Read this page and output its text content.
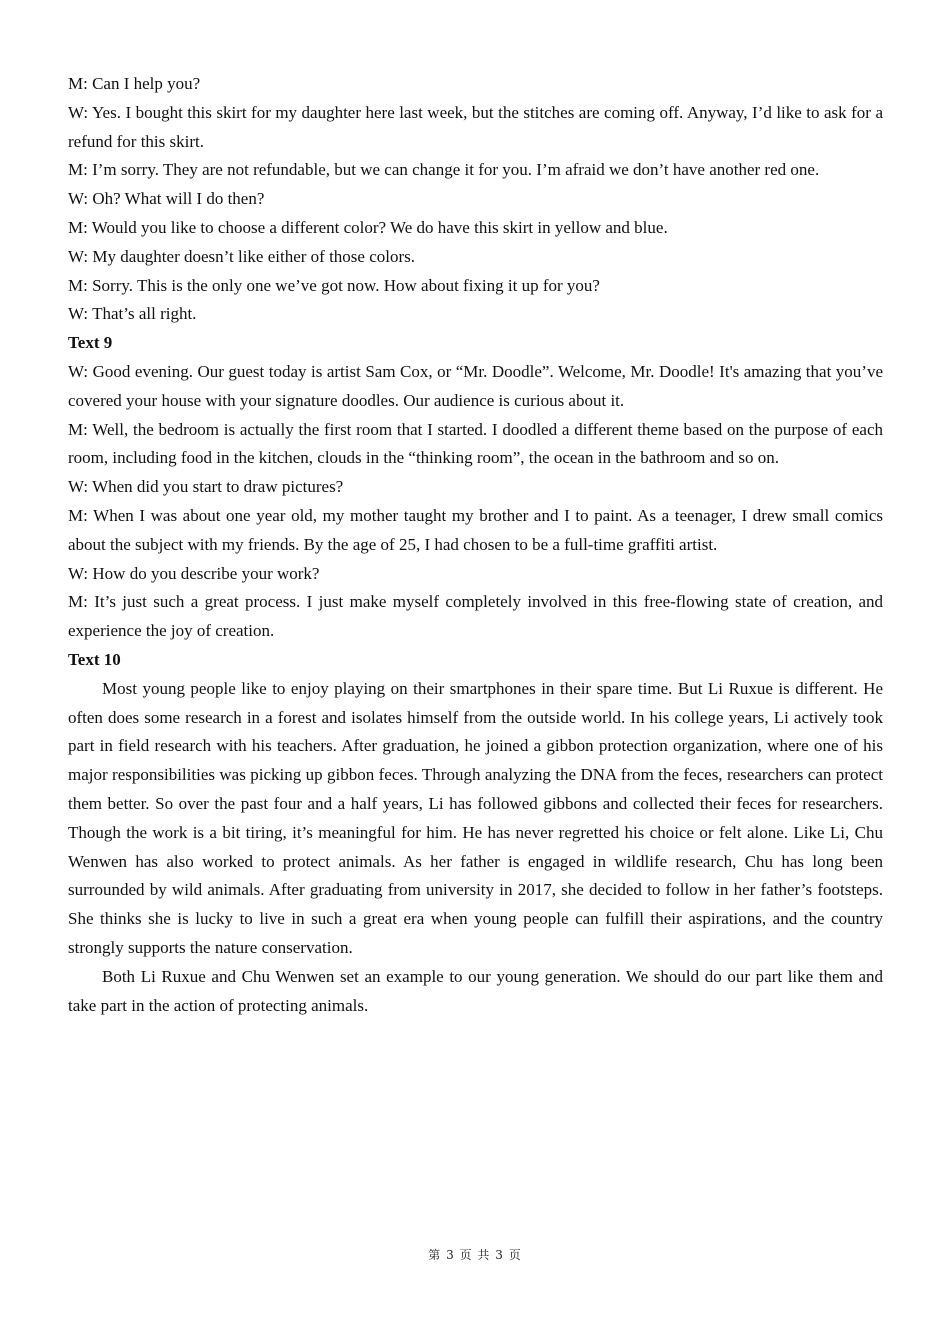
M: Can I help you?

W: Yes. I bought this skirt for my daughter here last week, but the stitches are coming off. Anyway, I’d like to ask for a refund for this skirt.

M: I’m sorry. They are not refundable, but we can change it for you. I’m afraid we don’t have another red one.

W: Oh? What will I do then?

M: Would you like to choose a different color? We do have this skirt in yellow and blue.

W: My daughter doesn’t like either of those colors.

M: Sorry. This is the only one we’ve got now. How about fixing it up for you?

W: That’s all right.

Text 9

W: Good evening. Our guest today is artist Sam Cox, or “Mr. Doodle”. Welcome, Mr. Doodle! It's amazing that you’ve covered your house with your signature doodles. Our audience is curious about it.

M: Well, the bedroom is actually the first room that I started. I doodled a different theme based on the purpose of each room, including food in the kitchen, clouds in the “thinking room”, the ocean in the bathroom and so on.

W: When did you start to draw pictures?

M: When I was about one year old, my mother taught my brother and I to paint. As a teenager, I drew small comics about the subject with my friends. By the age of 25, I had chosen to be a full-time graffiti artist.

W: How do you describe your work?

M: It’s just such a great process. I just make myself completely involved in this free-flowing state of creation, and experience the joy of creation.

Text 10

Most young people like to enjoy playing on their smartphones in their spare time. But Li Ruxue is different. He often does some research in a forest and isolates himself from the outside world. In his college years, Li actively took part in field research with his teachers. After graduation, he joined a gibbon protection organization, where one of his major responsibilities was picking up gibbon feces. Through analyzing the DNA from the feces, researchers can protect them better. So over the past four and a half years, Li has followed gibbons and collected their feces for researchers. Though the work is a bit tiring, it’s meaningful for him. He has never regretted his choice or felt alone. Like Li, Chu Wenwen has also worked to protect animals. As her father is engaged in wildlife research, Chu has long been surrounded by wild animals. After graduating from university in 2017, she decided to follow in her father’s footsteps. She thinks she is lucky to live in such a great era when young people can fulfill their aspirations, and the country strongly supports the nature conservation.

Both Li Ruxue and Chu Wenwen set an example to our young generation. We should do our part like them and take part in the action of protecting animals.

第 3 页 共 3 页
